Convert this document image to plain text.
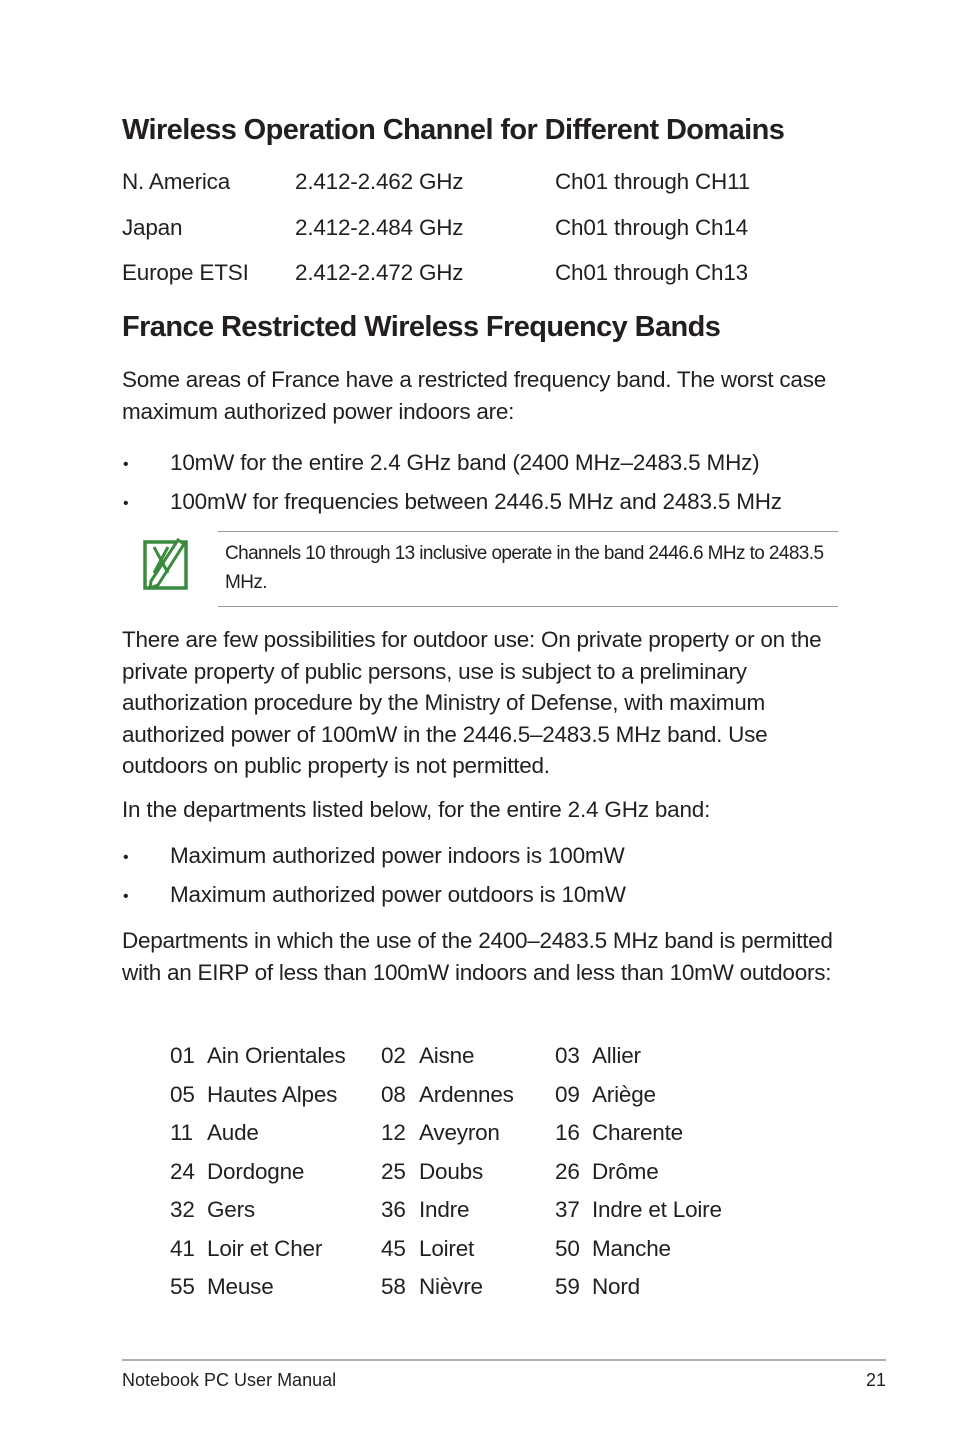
Wireless Operation Channel for Different Domains
N. America	2.412-2.462 GHz	Ch01 through CH11
Japan	2.412-2.484 GHz	Ch01 through Ch14
Europe ETSI 2.412-2.472 GHz	Ch01 through Ch13
France Restricted Wireless Frequency Bands
Some areas of France have a restricted frequency band. The worst case maximum authorized power indoors are:
• 10mW for the entire 2.4 GHz band (2400 MHz–2483.5 MHz)
• 100mW for frequencies between 2446.5 MHz and 2483.5 MHz
Channels 10 through 13 inclusive operate in the band 2446.6 MHz to 2483.5 MHz.
There are few possibilities for outdoor use: On private property or on the private property of public persons, use is subject to a preliminary authorization procedure by the Ministry of Defense, with maximum authorized power of 100mW in the 2446.5–2483.5 MHz band. Use outdoors on public property is not permitted.
In the departments listed below, for the entire 2.4 GHz band:
• Maximum authorized power indoors is 100mW
• Maximum authorized power outdoors is 10mW
Departments in which the use of the 2400–2483.5 MHz band is permitted with an EIRP of less than 100mW indoors and less than 10mW outdoors:
01 Ain Orientales 02 Aisne	03 Allier
05 Hautes Alpes 08 Ardennes 09 Ariège
11 Aude	12 Aveyron 16 Charente
24 Dordogne	25 Doubs	26 Drôme
32 Gers	36 Indre	37 Indre et Loire
41 Loir et Cher	45 Loiret	50 Manche
55 Meuse	58 Nièvre	59 Nord
Notebook PC User Manual	21
